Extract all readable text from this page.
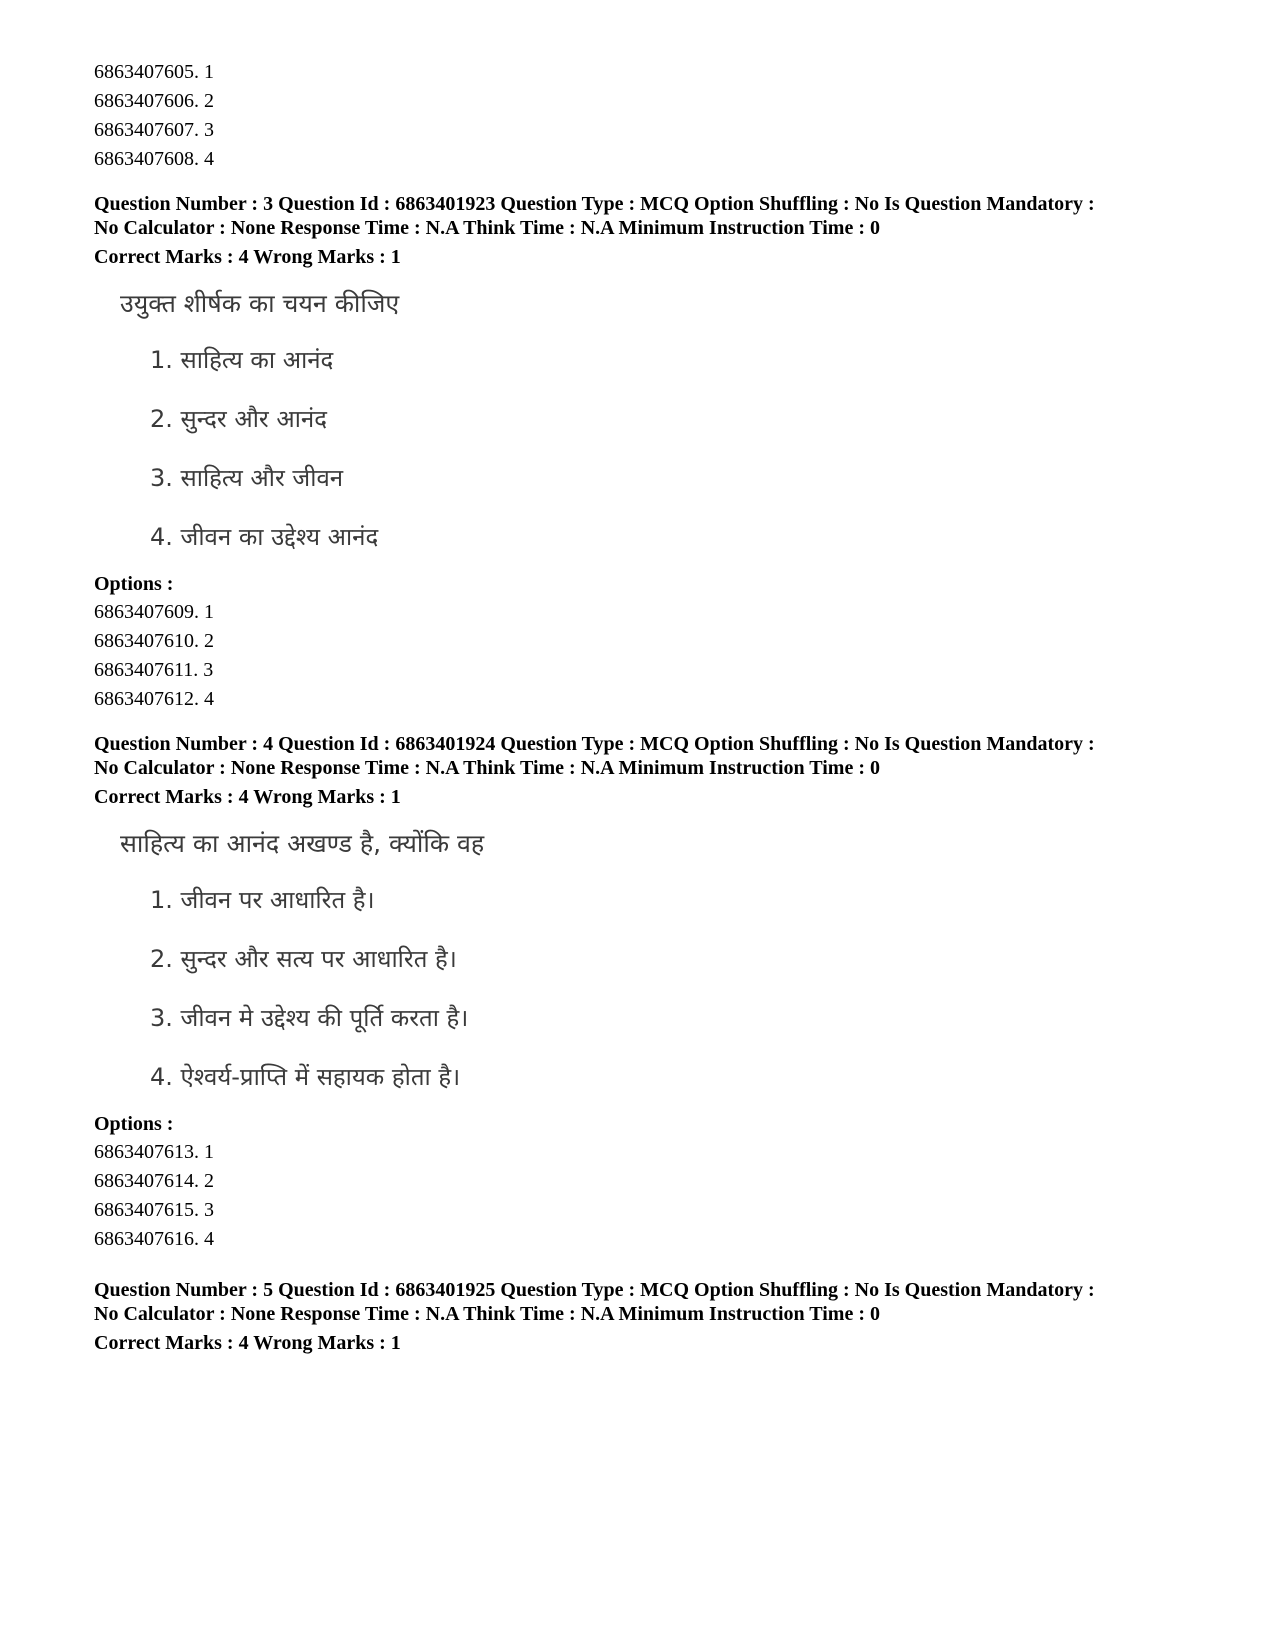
6863407605. 1
6863407606. 2
6863407607. 3
6863407608. 4
Question Number : 3 Question Id : 6863401923 Question Type : MCQ Option Shuffling : No Is Question Mandatory :
No Calculator : None Response Time : N.A Think Time : N.A Minimum Instruction Time : 0
Correct Marks : 4 Wrong Marks : 1
उयुक्त शीर्षक का चयन कीजिए
1. साहित्य का आनंद
2. सुन्दर और आनंद
3. साहित्य और जीवन
4. जीवन का उद्देश्य आनंद
Options :
6863407609. 1
6863407610. 2
6863407611. 3
6863407612. 4
Question Number : 4 Question Id : 6863401924 Question Type : MCQ Option Shuffling : No Is Question Mandatory :
No Calculator : None Response Time : N.A Think Time : N.A Minimum Instruction Time : 0
Correct Marks : 4 Wrong Marks : 1
साहित्य का आनंद अखण्ड है, क्योंकि वह
1. जीवन पर आधारित है।
2. सुन्दर और सत्य पर आधारित है।
3. जीवन मे उद्देश्य की पूर्ति करता है।
4. ऐश्वर्य-प्राप्ति में सहायक होता है।
Options :
6863407613. 1
6863407614. 2
6863407615. 3
6863407616. 4
Question Number : 5 Question Id : 6863401925 Question Type : MCQ Option Shuffling : No Is Question Mandatory :
No Calculator : None Response Time : N.A Think Time : N.A Minimum Instruction Time : 0
Correct Marks : 4 Wrong Marks : 1
